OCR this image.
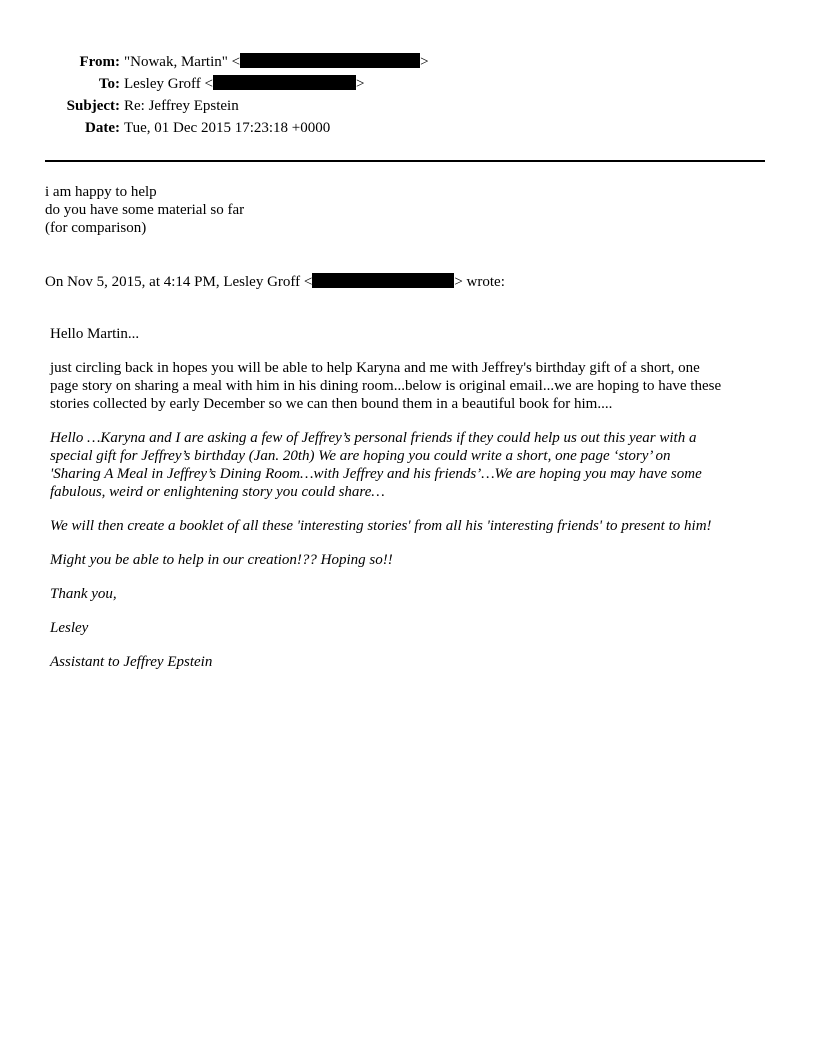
From: "Nowak, Martin" <	>
To: Lesley Groff <	>
Subject: Re: Jeffrey Epstein
Date: Tue, 01 Dec 2015 17:23:18 +0000
i am happy to help
do you have some material so far
(for comparison)
On Nov 5, 2015, at 4:14 PM, Lesley Groff <	> wrote:
Hello Martin...
just circling back in hopes you will be able to help Karyna and me with Jeffrey's birthday gift of a short, one
page story on sharing a meal with him in his dining room...below is original email...we are hoping to have these
stories collected by early December so we can then bound them in a beautiful book for him....
Hello …Karyna and I are asking a few of Jeffrey’s personal friends if they could help us out this year with a
special gift for Jeffrey’s birthday (Jan. 20th) We are hoping you could write a short, one page ‘story’ on
'Sharing A Meal in Jeffrey’s Dining Room…with Jeffrey and his friends’…We are hoping you may have some
fabulous, weird or enlightening story you could share…
We will then create a booklet of all these 'interesting stories' from all his 'interesting friends' to present to him!
Might you be able to help in our creation!?? Hoping so!!
Thank you,
Lesley
Assistant to Jeffrey Epstein
